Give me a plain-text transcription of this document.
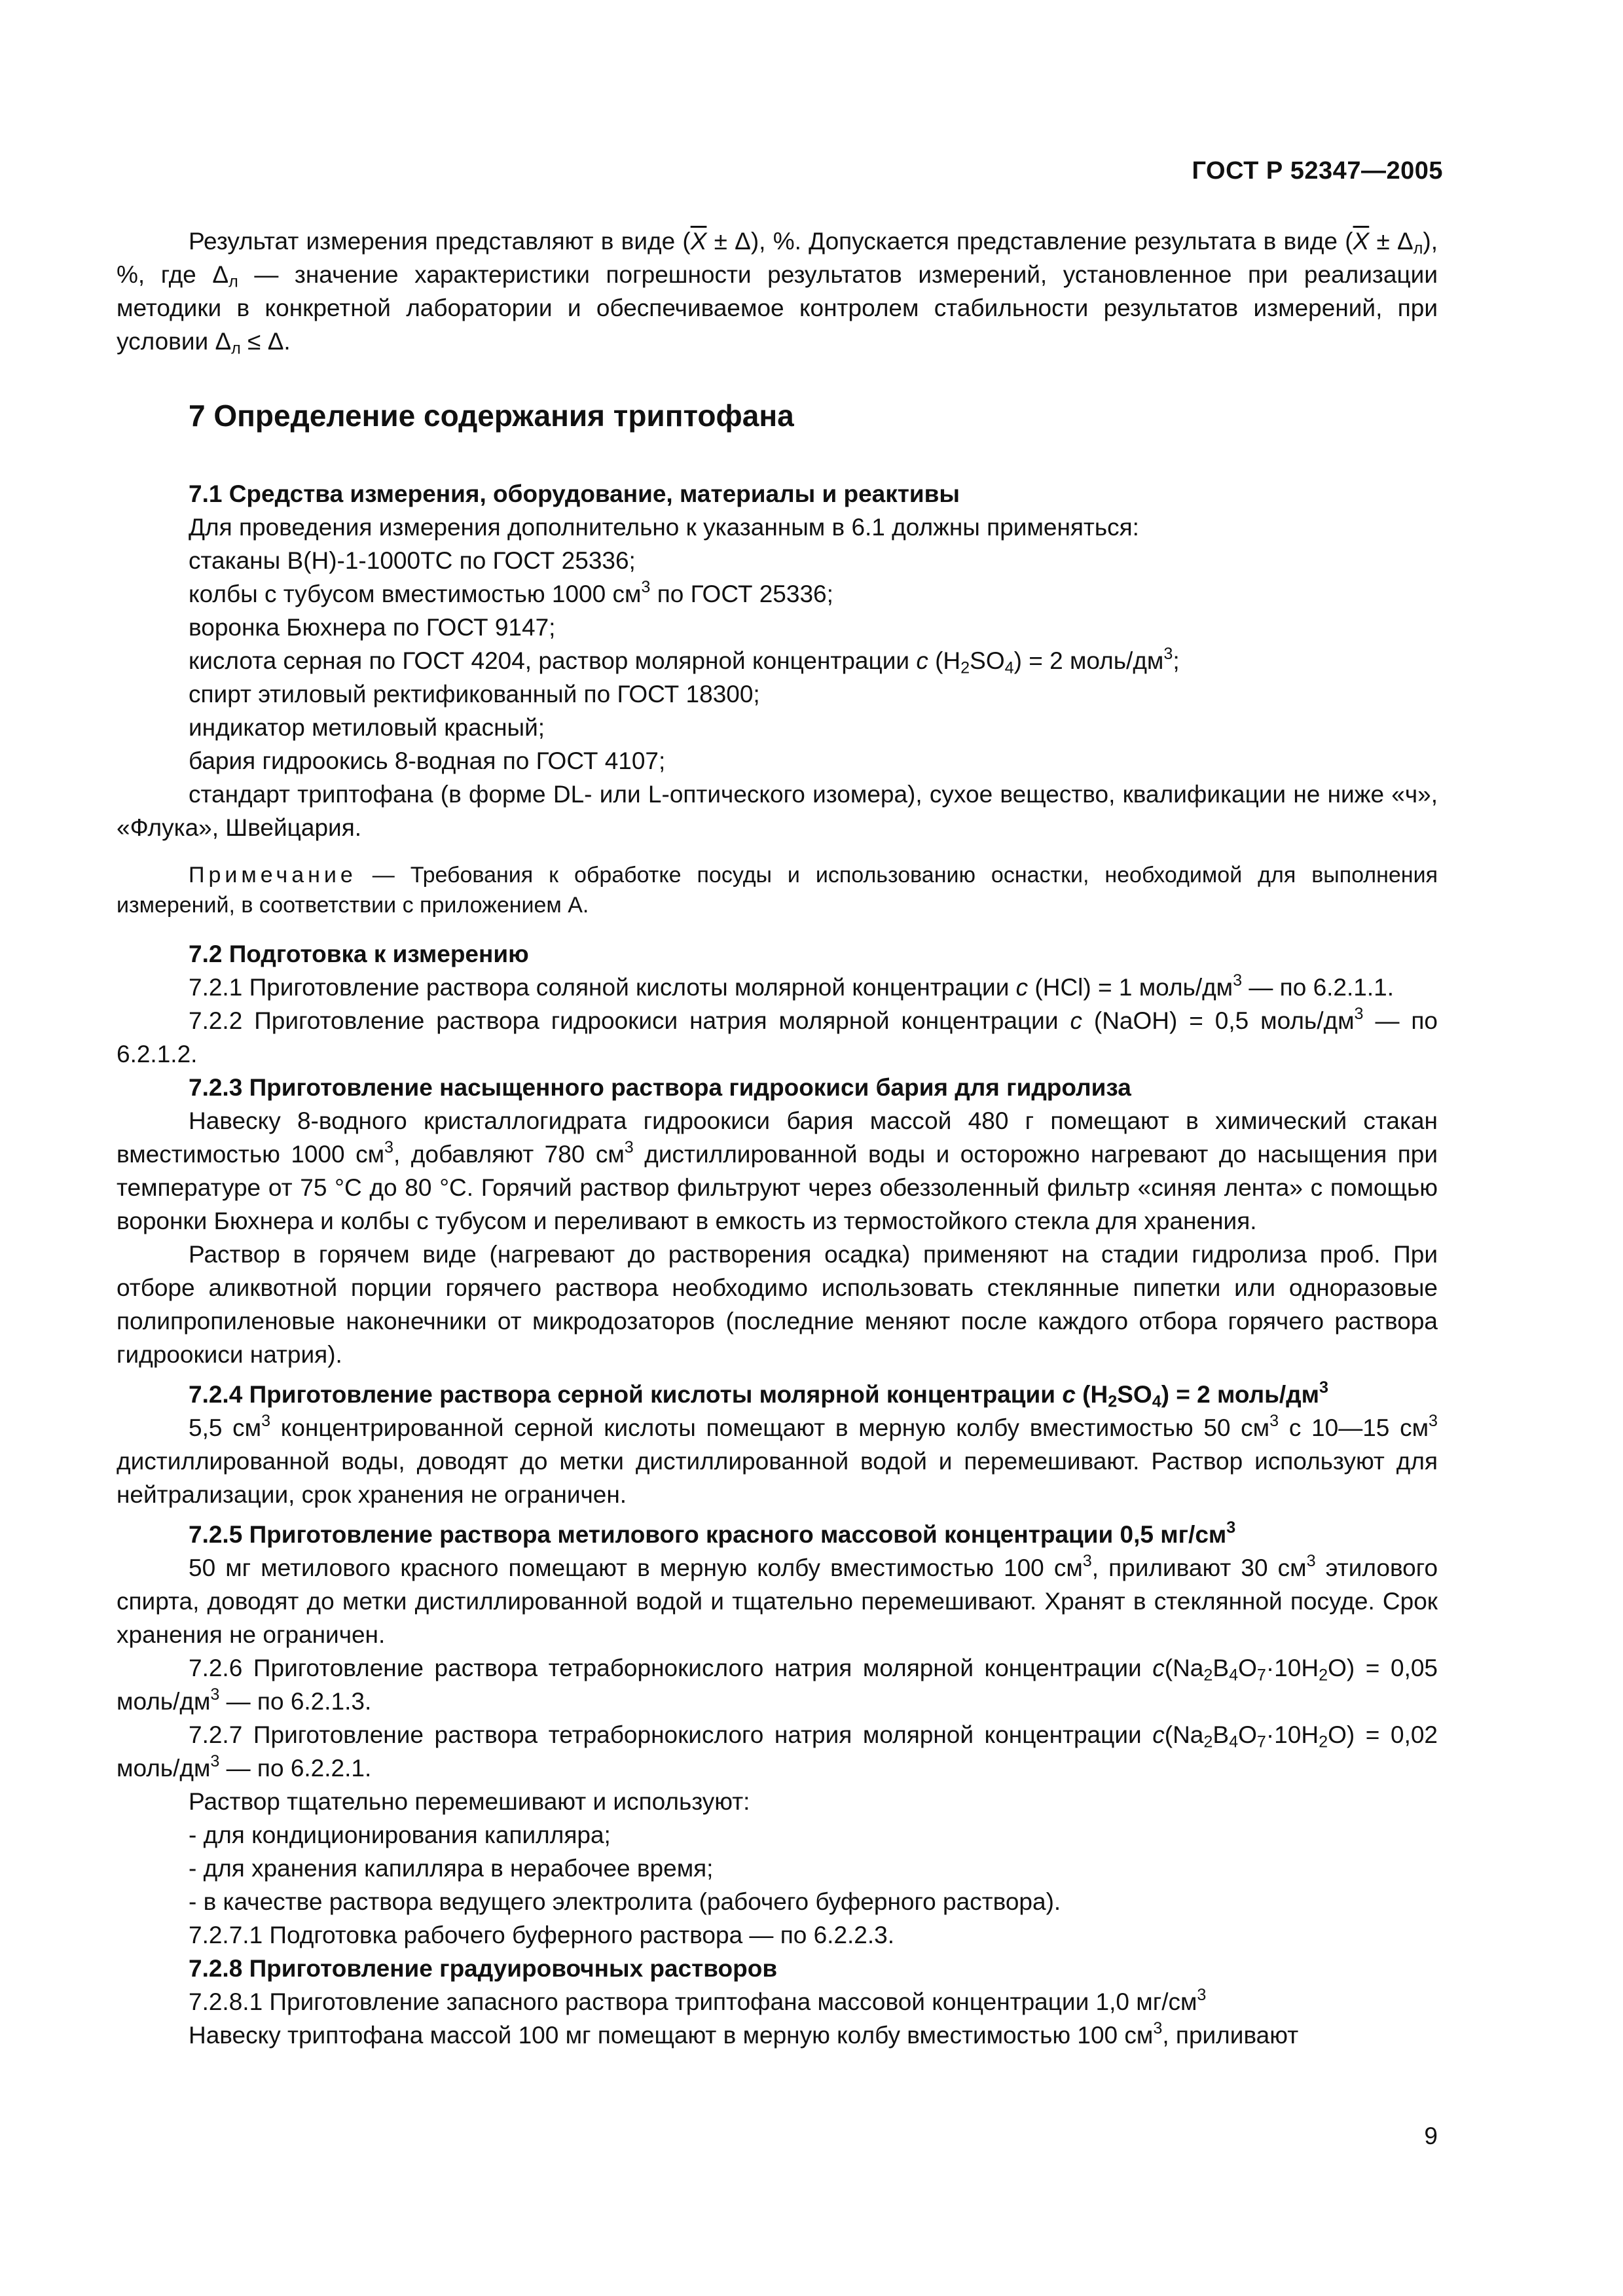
ГОСТ Р 52347—2005

Результат измерения представляют в виде $(\overline{X} \pm \Delta)$, %. Допускается представление результата в виде $(\overline{X} \pm \Delta_л)$, %, где $\Delta_л$ — значение характеристики погрешности результатов измерений, установленное при реализации методики в конкретной лаборатории и обеспечиваемое контролем стабильности результатов измерений, при условии $\Delta_л \le \Delta$.

7 Определение содержания триптофана
7.1 Средства измерения, оборудование, материалы и реактивы
Для проведения измерения дополнительно к указанным в 6.1 должны применяться:
стаканы В(Н)-1-1000ТС по ГОСТ 25336;
колбы с тубусом вместимостью 1000 $см^3$ по ГОСТ 25336;
воронка Бюхнера по ГОСТ 9147;
кислота серная по ГОСТ 4204, раствор молярной концентрации c $(H_2SO_4) = 2$ моль/$дм^3$;
спирт этиловый ректификованный по ГОСТ 18300;
индикатор метиловый красный;
бария гидроокись 8-водная по ГОСТ 4107;

стандарт триптофана (в форме DL- или L-оптического изомера), сухое вещество, квалификации не ниже «ч», «Флука», Швейцария.

Примечание — Требования к обработке посуды и использованию оснастки, необходимой для выполнения измерений, в соответствии с приложением А.

7.2 Подготовка к измерению

7.2.1 Приготовление раствора соляной кислоты молярной концентрации c (HCl) = 1 моль/$дм^3$ — по 6.2.1.1.

7.2.2 Приготовление раствора гидроокиси натрия молярной концентрации c (NaOH) = 0,5 моль/$дм^3$ — по 6.2.1.2.

7.2.3 Приготовление насыщенного раствора гидроокиси бария для гидролиза

Навеску 8-водного кристаллогидрата гидроокиси бария массой 480 г помещают в химический стакан вместимостью 1000 $см^3$, добавляют 780 $см^3$ дистиллированной воды и осторожно нагревают до насыщения при температуре от 75 °С до 80 °С. Горячий раствор фильтруют через обеззоленный фильтр «синяя лента» с помощью воронки Бюхнера и колбы с тубусом и переливают в емкость из термостойкого стекла для хранения.

Раствор в горячем виде (нагревают до растворения осадка) применяют на стадии гидролиза проб. При отборе аликвотной порции горячего раствора необходимо использовать стеклянные пипетки или одноразовые полипропиленовые наконечники от микродозаторов (последние меняют после каждого отбора горячего раствора гидроокиси натрия).

7.2.4 Приготовление раствора серной кислоты молярной концентрации c $(H_2SO_4) = 2$ моль/$дм^3$

5,5 $см^3$ концентрированной серной кислоты помещают в мерную колбу вместимостью 50 $см^3$ с 10—15 $см^3$ дистиллированной воды, доводят до метки дистиллированной водой и перемешивают. Раствор используют для нейтрализации, срок хранения не ограничен.

7.2.5 Приготовление раствора метилового красного массовой концентрации 0,5 $мг/см^3$

50 мг метилового красного помещают в мерную колбу вместимостью 100 $см^3$, приливают 30 $см^3$ этилового спирта, доводят до метки дистиллированной водой и тщательно перемешивают. Хранят в стеклянной посуде. Срок хранения не ограничен.

7.2.6 Приготовление раствора тетраборнокислого натрия молярной концентрации $c(Na_2B_4O_7\cdot 10H_2O) = 0,05$ моль/$дм^3$ — по 6.2.1.3.

7.2.7 Приготовление раствора тетраборнокислого натрия молярной концентрации $c(Na_2B_4O_7\cdot 10H_2O) = 0,02$ моль/$дм^3$ — по 6.2.2.1.

Раствор тщательно перемешивают и используют:
- для кондиционирования капилляра;
- для хранения капилляра в нерабочее время;
- в качестве раствора ведущего электролита (рабочего буферного раствора).
7.2.7.1 Подготовка рабочего буферного раствора — по 6.2.2.3.
7.2.8 Приготовление градуировочных растворов
7.2.8.1 Приготовление запасного раствора триптофана массовой концентрации 1,0 $мг/см^3$
Навеску триптофана массой 100 мг помещают в мерную колбу вместимостью 100 $см^3$, приливают
9
